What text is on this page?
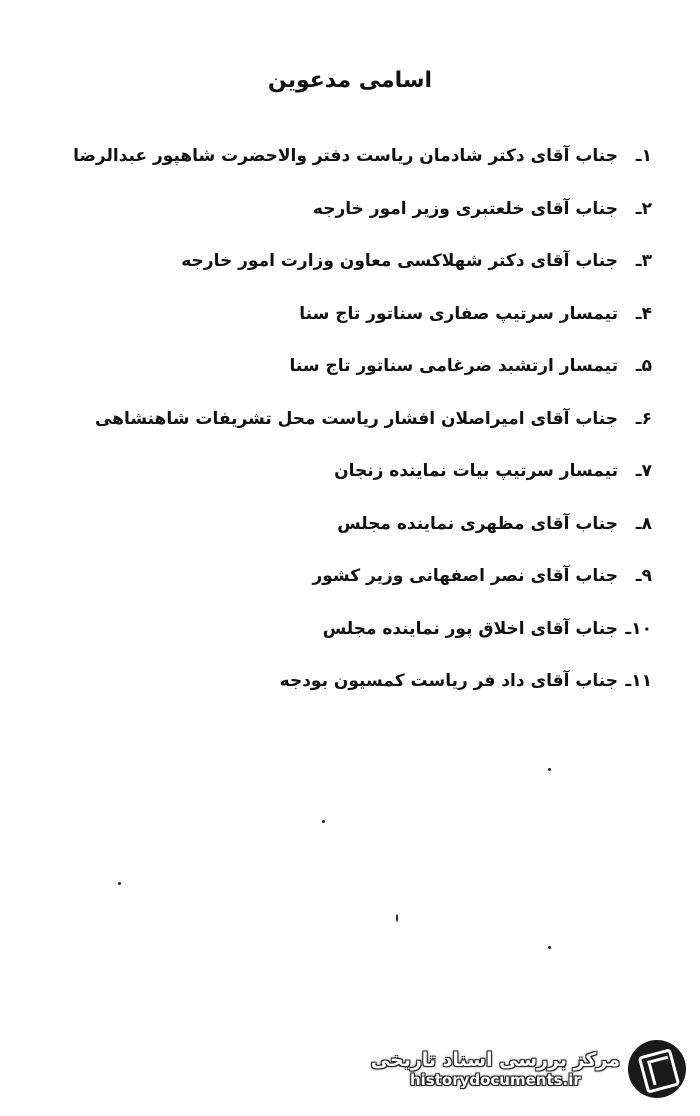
اسامی مدعوین
۱ـ
جناب آقای دکتر شادمان ریاست دفتر والاحضرت شاهپور عبدالرضا
۲ـ
جناب آقای خلعتبری وزیر امور خارجه
۳ـ
جناب آقای دکتر شهلاکسی معاون وزارت امور خارجه
۴ـ
تیمسار سرتیپ صفاری سناتور تاج سنا
۵ـ
تیمسار ارتشبد ضرغامی سناتور تاج سنا
۶ـ
جناب آقای امیراصلان افشار ریاست محل تشریفات شاهنشاهی
۷ـ
تیمسار سرتیپ بیات نماینده زنجان
۸ـ
جناب آقای مظهری نماینده مجلس
۹ـ
جناب آقای نصر اصفهانی وزیر کشور
۱۰ـ
جناب آقای اخلاق پور نماینده مجلس
۱۱ـ
جناب آقای داد فر ریاست کمسیون بودجه
مرکز بررسی اسناد تاریخی
historydocuments.ir
